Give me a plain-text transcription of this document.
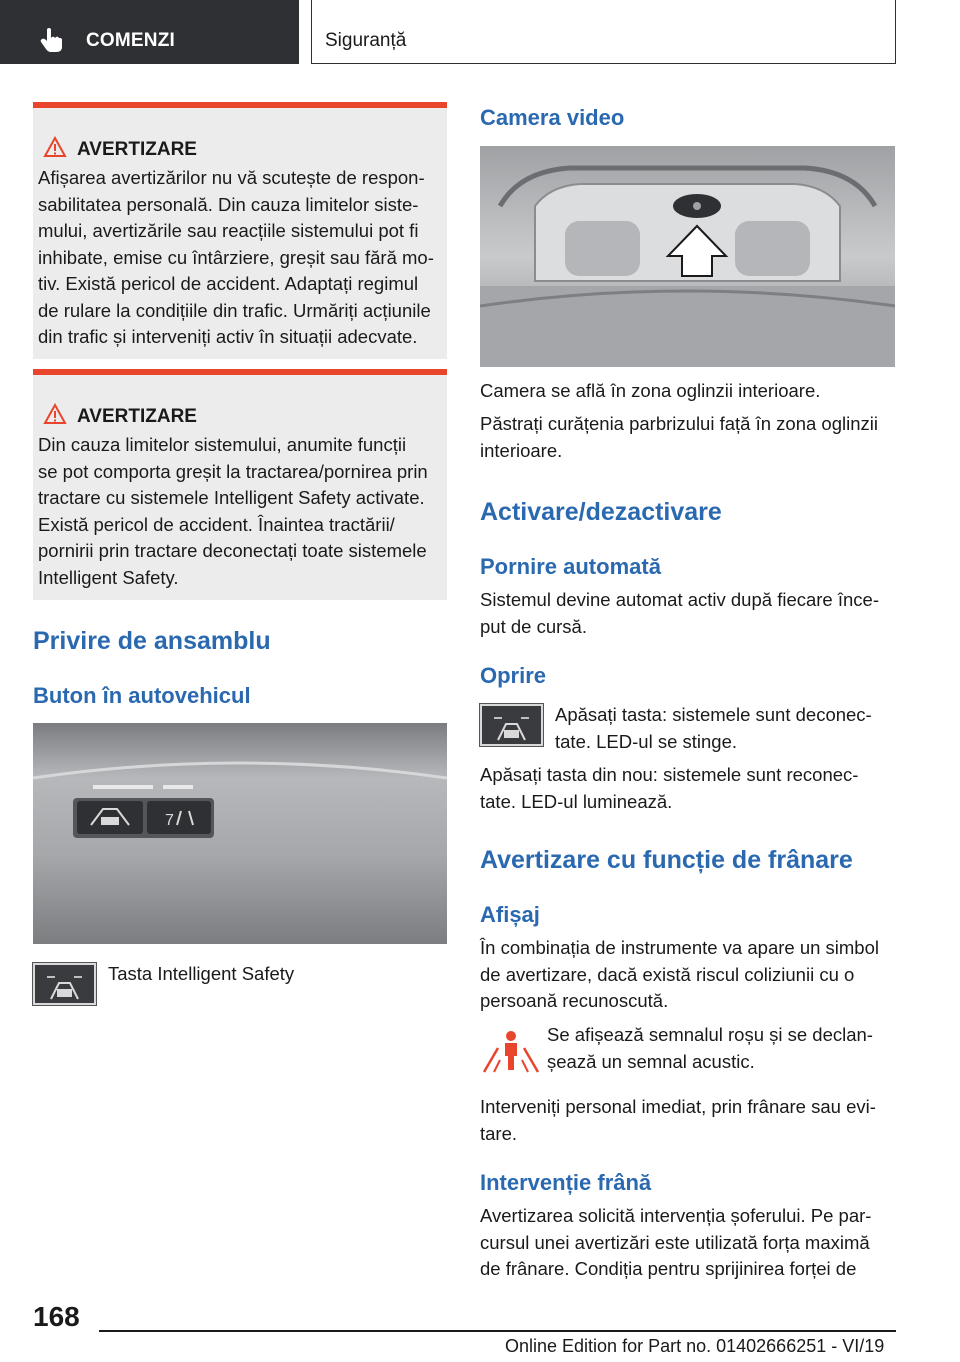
COMENZI	Siguranță
AVERTIZARE
Afișarea avertizărilor nu vă scutește de respon-
sabilitatea personală. Din cauza limitelor siste-
mului, avertizările sau reacțiile sistemului pot fi
inhibate, emise cu întârziere, greșit sau fără mo-
tiv. Există pericol de accident. Adaptați regimul
de rulare la condițiile din trafic. Urmăriți acțiunile
din trafic și interveniți activ în situații adecvate.
AVERTIZARE
Din cauza limitelor sistemului, anumite funcții
se pot comporta greșit la tractarea/pornirea prin
tractare cu sistemele Intelligent Safety activate.
Există pericol de accident. Înaintea tractării/
pornirii prin tractare deconectați toate sistemele
Intelligent Safety.
Privire de ansamblu
Buton în autovehicul
7
Tasta Intelligent Safety
Camera video
Camera se află în zona oglinzii interioare.
Păstrați curățenia parbrizului față în zona oglinzii
interioare.
Activare/dezactivare
Pornire automată
Sistemul devine automat activ după fiecare înce-
put de cursă.
Oprire
Apăsați tasta: sistemele sunt deconec-
tate. LED-ul se stinge.
Apăsați tasta din nou: sistemele sunt reconec-
tate. LED-ul luminează.
Avertizare cu funcție de frânare
Afișaj
În combinația de instrumente va apare un simbol
de avertizare, dacă există riscul coliziunii cu o
persoană recunoscută.
Se afișează semnalul roșu și se declan-
șează un semnal acustic.
Interveniți personal imediat, prin frânare sau evi-
tare.
Intervenție frână
Avertizarea solicită intervenția șoferului. Pe par-
cursul unei avertizări este utilizată forța maximă
de frânare. Condiția pentru sprijinirea forței de
168
Online Edition for Part no. 01402666251 - VI/19
